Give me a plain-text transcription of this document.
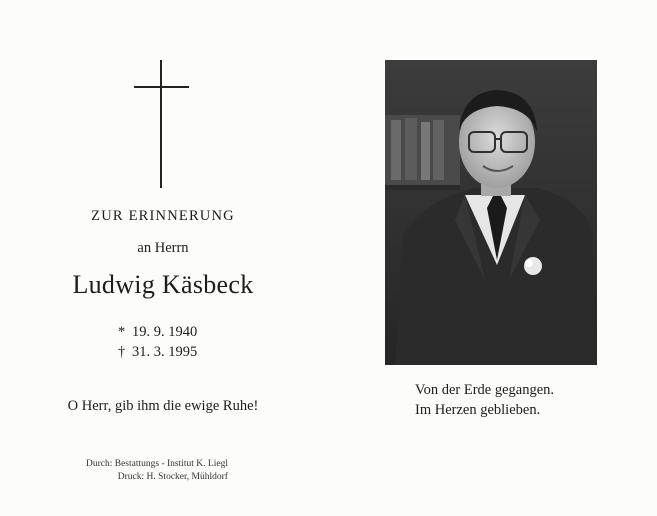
ZUR ERINNERUNG
an Herrn
Ludwig Käsbeck
* 19. 9. 1940
† 31. 3. 1995
O Herr, gib ihm die ewige Ruhe!
Durch: Bestattungs - Institut K. Liegl
Druck: H. Stocker, Mühldorf
Von der Erde gegangen.
Im Herzen geblieben.
